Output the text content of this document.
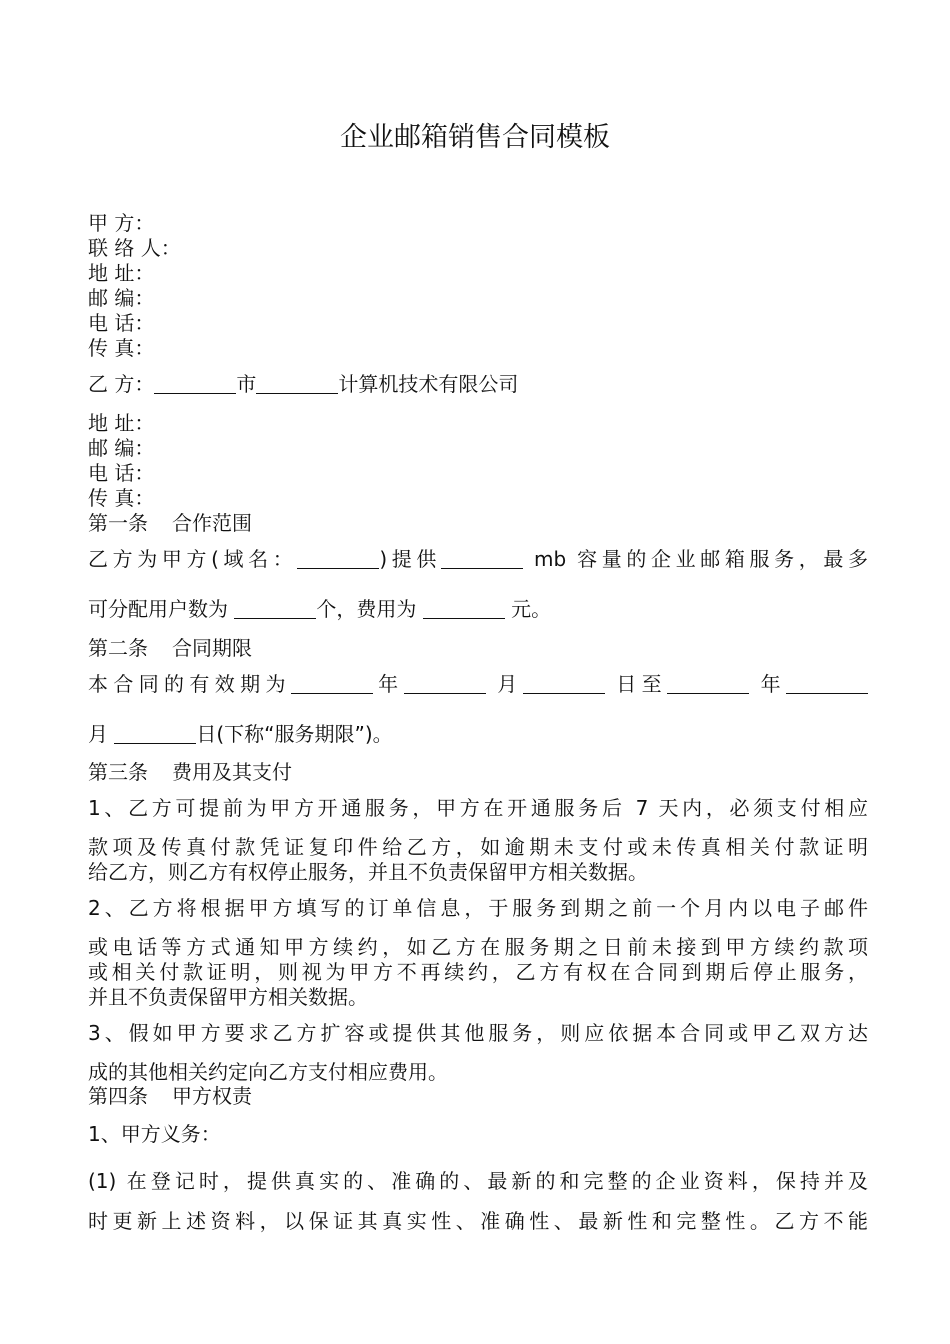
企业邮箱销售合同模板
甲 方：
联 络 人：
地 址：
邮 编：
电 话：
传 真：
乙 方：	市	计算机技术有限公司
地 址：
邮 编：
电 话：
传 真：
第一条 合作范围
乙方为甲方(域名：	)提供	mb 容量的企业邮箱服务，最多
可分配用户数为	个，费用为	元。
第二条 合同期限
本合同的有效期为	年	月	日至	年
月	日(下称“服务期限”)。
第三条 费用及其支付
1、乙方可提前为甲方开通服务，甲方在开通服务后 7 天内，必须支付相应
款项及传真付款凭证复印件给乙方，如逾期未支付或未传真相关付款证明
给乙方，则乙方有权停止服务，并且不负责保留甲方相关数据。
2、乙方将根据甲方填写的订单信息，于服务到期之前一个月内以电子邮件
或电话等方式通知甲方续约，如乙方在服务期之日前未接到甲方续约款项
或相关付款证明，则视为甲方不再续约，乙方有权在合同到期后停止服务，
并且不负责保留甲方相关数据。
3、假如甲方要求乙方扩容或提供其他服务，则应依据本合同或甲乙双方达
成的其他相关约定向乙方支付相应费用。
第四条 甲方权责
1、甲方义务：
(1) 在登记时，提供真实的、准确的、最新的和完整的企业资料，保持并及
时更新上述资料，以保证其真实性、准确性、最新性和完整性。乙方不能
